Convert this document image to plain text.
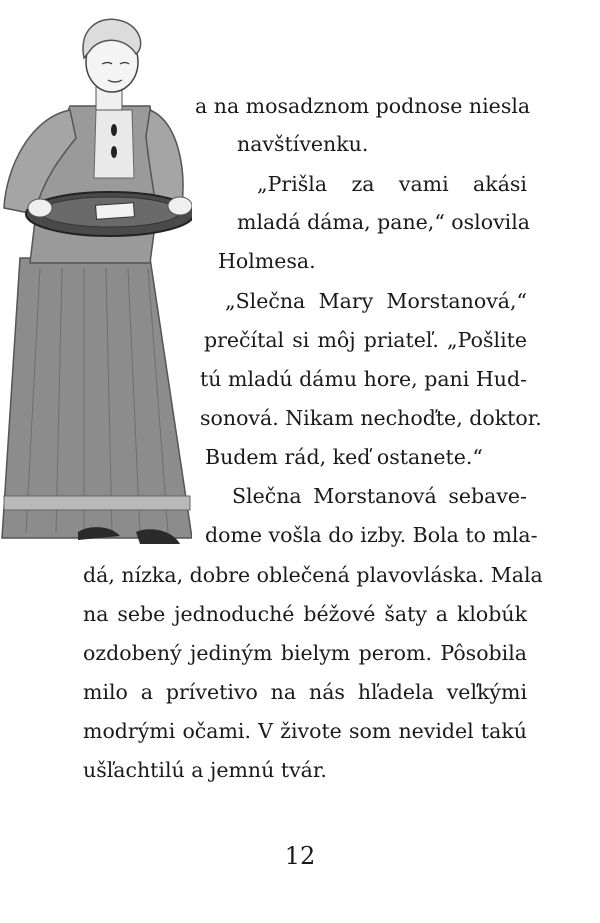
a na mosadznom podnose niesla
navštívenku.
„Prišla za vami akási
mladá dáma, pane,“ oslovila
Holmesa.
„Slečna Mary Morstanová,“
prečítal si môj priateľ. „Pošlite
tú mladú dámu hore, pani Hud-
sonová. Nikam nechoďte, doktor.
Budem rád, keď ostanete.“
Slečna Morstanová sebave-
dome vošla do izby. Bola to mla-
dá, nízka, dobre oblečená plavovláska. Mala
na sebe jednoduché béžové šaty a klobúk
ozdobený jediným bielym perom. Pôsobila
milo a prívetivo na nás hľadela veľkými
modrými očami. V živote som nevidel takú
ušľachtilú a jemnú tvár.
12
